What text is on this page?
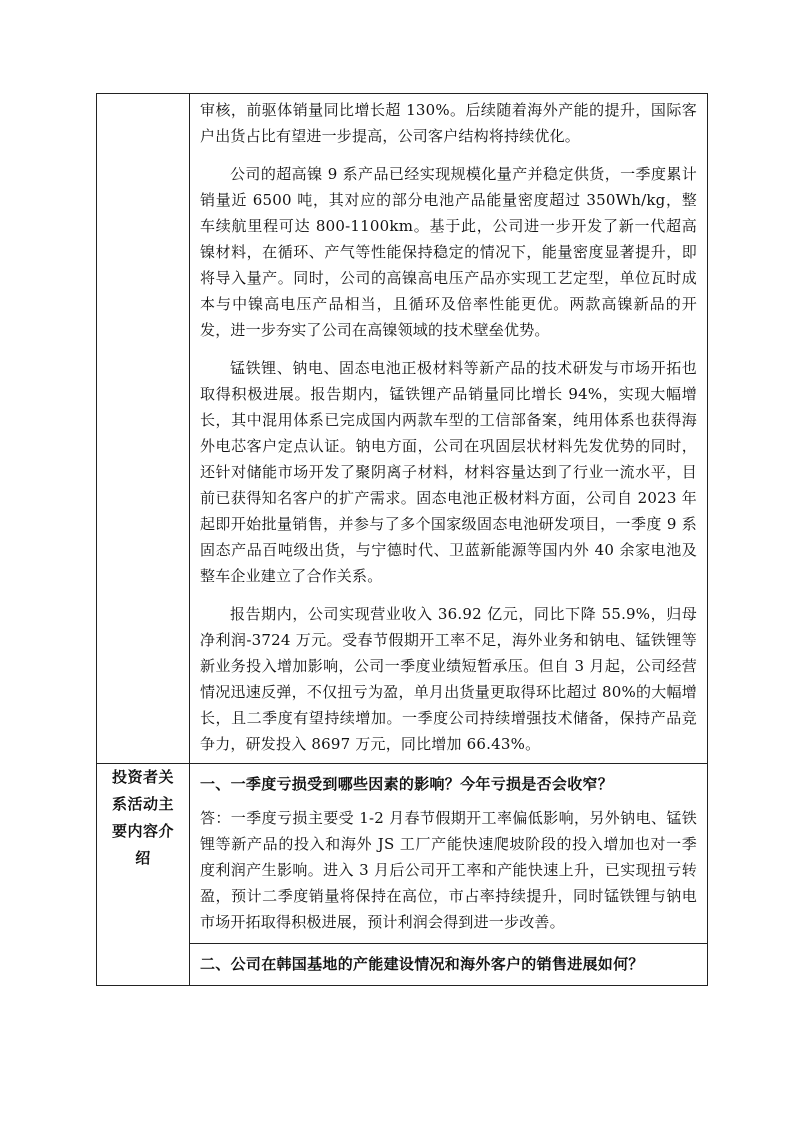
	审核，前驱体销量同比增长超 130%。后续随着海外产能的提升，国际客户出货占比有望进一步提高，公司客户结构将持续优化。

公司的超高镍 9 系产品已经实现规模化量产并稳定供货，一季度累计销量近 6500 吨，其对应的部分电池产品能量密度超过 350Wh/kg，整车续航里程可达 800-1100km。基于此，公司进一步开发了新一代超高镍材料，在循环、产气等性能保持稳定的情况下，能量密度显著提升，即将导入量产。同时，公司的高镍高电压产品亦实现工艺定型，单位瓦时成本与中镍高电压产品相当，且循环及倍率性能更优。两款高镍新品的开发，进一步夯实了公司在高镍领域的技术壁垒优势。

锰铁锂、钠电、固态电池正极材料等新产品的技术研发与市场开拓也取得积极进展。报告期内，锰铁锂产品销量同比增长 94%，实现大幅增长，其中混用体系已完成国内两款车型的工信部备案，纯用体系也获得海外电芯客户定点认证。钠电方面，公司在巩固层状材料先发优势的同时，还针对储能市场开发了聚阴离子材料，材料容量达到了行业一流水平，目前已获得知名客户的扩产需求。固态电池正极材料方面，公司自 2023 年起即开始批量销售，并参与了多个国家级固态电池研发项目，一季度 9 系固态产品百吨级出货，与宁德时代、卫蓝新能源等国内外 40 余家电池及整车企业建立了合作关系。

报告期内，公司实现营业收入 36.92 亿元，同比下降 55.9%，归母净利润-3724 万元。受春节假期开工率不足，海外业务和钠电、锰铁锂等新业务投入增加影响，公司一季度业绩短暂承压。但自 3 月起，公司经营情况迅速反弹，不仅扭亏为盈，单月出货量更取得环比超过 80%的大幅增长，且二季度有望持续增加。一季度公司持续增强技术储备，保持产品竞争力，研发投入 8697 万元，同比增加 66.43%。

投资者关系活动主要内容介绍	一、一季度亏损受到哪些因素的影响？今年亏损是否会收窄？
答：一季度亏损主要受 1-2 月春节假期开工率偏低影响，另外钠电、锰铁锂等新产品的投入和海外 JS 工厂产能快速爬坡阶段的投入增加也对一季度利润产生影响。进入 3 月后公司开工率和产能快速上升，已实现扭亏转盈，预计二季度销量将保持在高位，市占率持续提升，同时锰铁锂与钠电市场开拓取得积极进展，预计利润会得到进一步改善。
二、公司在韩国基地的产能建设情况和海外客户的销售进展如何？
